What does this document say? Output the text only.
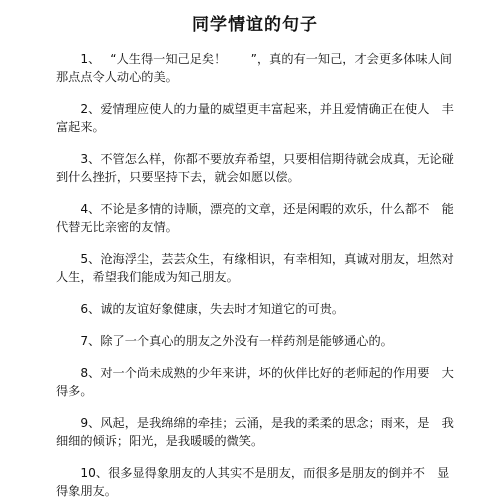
同学情谊的句子
1、　 “人生得一知己足矣！　　”，真的有一知己，才会更多体味人间那点点令人动心的美。
2、爱情理应使人的力量的威望更丰富起来，并且爱情确正在使人　丰富起来。
3、不管怎么样，你都不要放弃希望，只要相信期待就会成真，无论碰到什么挫折，只要坚持下去，就会如愿以偿。
4、不论是多情的诗顺，漂亮的文章，还是闲暇的欢乐，什么都不　能代替无比亲密的友情。
5、沧海浮尘，芸芸众生，有缘相识，有幸相知，真诚对朋友，坦然对人生，希望我们能成为知己朋友。
6、诚的友谊好象健康，失去时才知道它的可贵。
7、除了一个真心的朋友之外没有一样药剂是能够通心的。
8、对一个尚未成熟的少年来讲，坏的伙伴比好的老师起的作用要　大得多。
9、风起，是我绵绵的牵挂；云涌，是我的柔柔的思念；雨来，是　我细细的倾诉；阳光，是我暖暖的微笑。
10、很多显得象朋友的人其实不是朋友，而很多是朋友的倒并不　显得象朋友。
